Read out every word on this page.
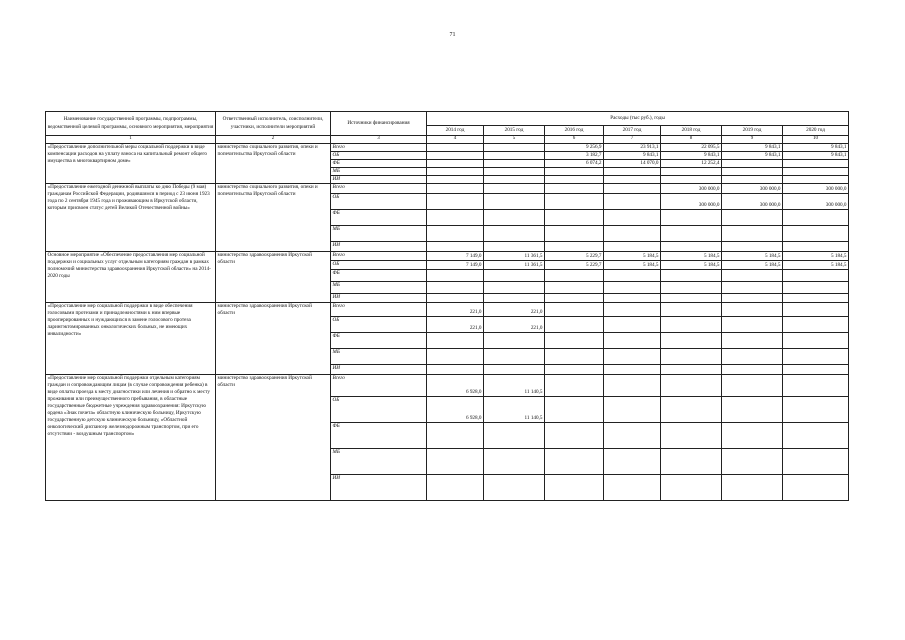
71
Наименование государственной программы, подпрограммы, ведомственной целевой программы, основного мероприятия, мероприятия	Ответственный исполнитель, соисполнители, участники, исполнители мероприятий	Источники финансирования	Расходы (тыс руб.), годы						
			2014 год	2015 год	2016 год	2017 год	2018 год	2019 год	2020 год
1	2	3	4	5	6	7	8	9	10
«Предоставление дополнительной меры социальной поддержки в виде компенсации расходов на уплату взноса на капитальный ремонт общего имущества в многоквартирном доме»	министерство социального развития, опеки и попечительства Иркутской области	Всего			9 256,9	23 913,1	22 095,5	9 843,1	9 843,1
		ОБ			3 182,7	9 843,1	9 843,1	9 843,1	9 843,1
		ФБ			6 074,2	14 070,0	12 252,4		
		МБ							
		ИИ							
«Предоставление ежегодной денежной выплаты ко дню Победы (9 мая) гражданам Российской Федерации, родившимся в период с 23 июня 1923 года по 2 сентября 1945 года и проживающим в Иркутской области, которым присвоен статус детей Великой Отечественной войны»	министерство социального развития, опеки и попечительства Иркутской области	Всего					300 000,0	300 000,0	300 000,0
		ОБ					300 000,0	300 000,0	300 000,0
		ФБ							
		МБ							
		ИИ							
Основное мероприятие «Обеспечение предоставления мер социальной поддержки и социальных услуг отдельным категориям граждан в рамках полномочий министерства здравоохранения Иркутской области» на 2014-2020 годы	министерство здравоохранения Иркутской области	Всего	7 149,0	11 361,5	5 229,7	5 184,5	5 184,5	5 184,5	5 184,5
		ОБ	7 149,0	11 361,5	5 229,7	5 184,5	5 184,5	5 184,5	5 184,5
		ФБ							
		МБ							
		ИИ							
«Предоставление мер социальной поддержки в виде обеспечения голосовыми протезами и принадлежностями к ним впервые прооперированных и нуждающихся в замене голосового протеза ларингэктомированных онкологических больных, не имеющих инвалидности»	министерство здравоохранения Иркутской области	Всего	221,0	221,0					
		ОБ	221,0	221,0					
		ФБ							
		МБ							
		ИИ							
«Предоставление мер социальной поддержки отдельным категориям граждан и сопровождающим лицам (в случае сопровождения ребенка) в виде оплаты проезда к месту диагностики или лечения и обратно к месту проживания или преимущественного пребывания, в областные государственные бюджетные учреждения здравоохранения: Иркутскую ордена «Знак почета» областную клиническую больницу, Иркутскую государственную детскую клиническую больницу, «Областной онкологический диспансер железнодорожным транспортом, при его отсутствии - воздушным транспортом»	министерство здравоохранения Иркутской области	Всего	6 928,0	11 140,5					
		ОБ	6 928,0	11 140,5					
		ФБ							
		МБ							
		ИИ							
